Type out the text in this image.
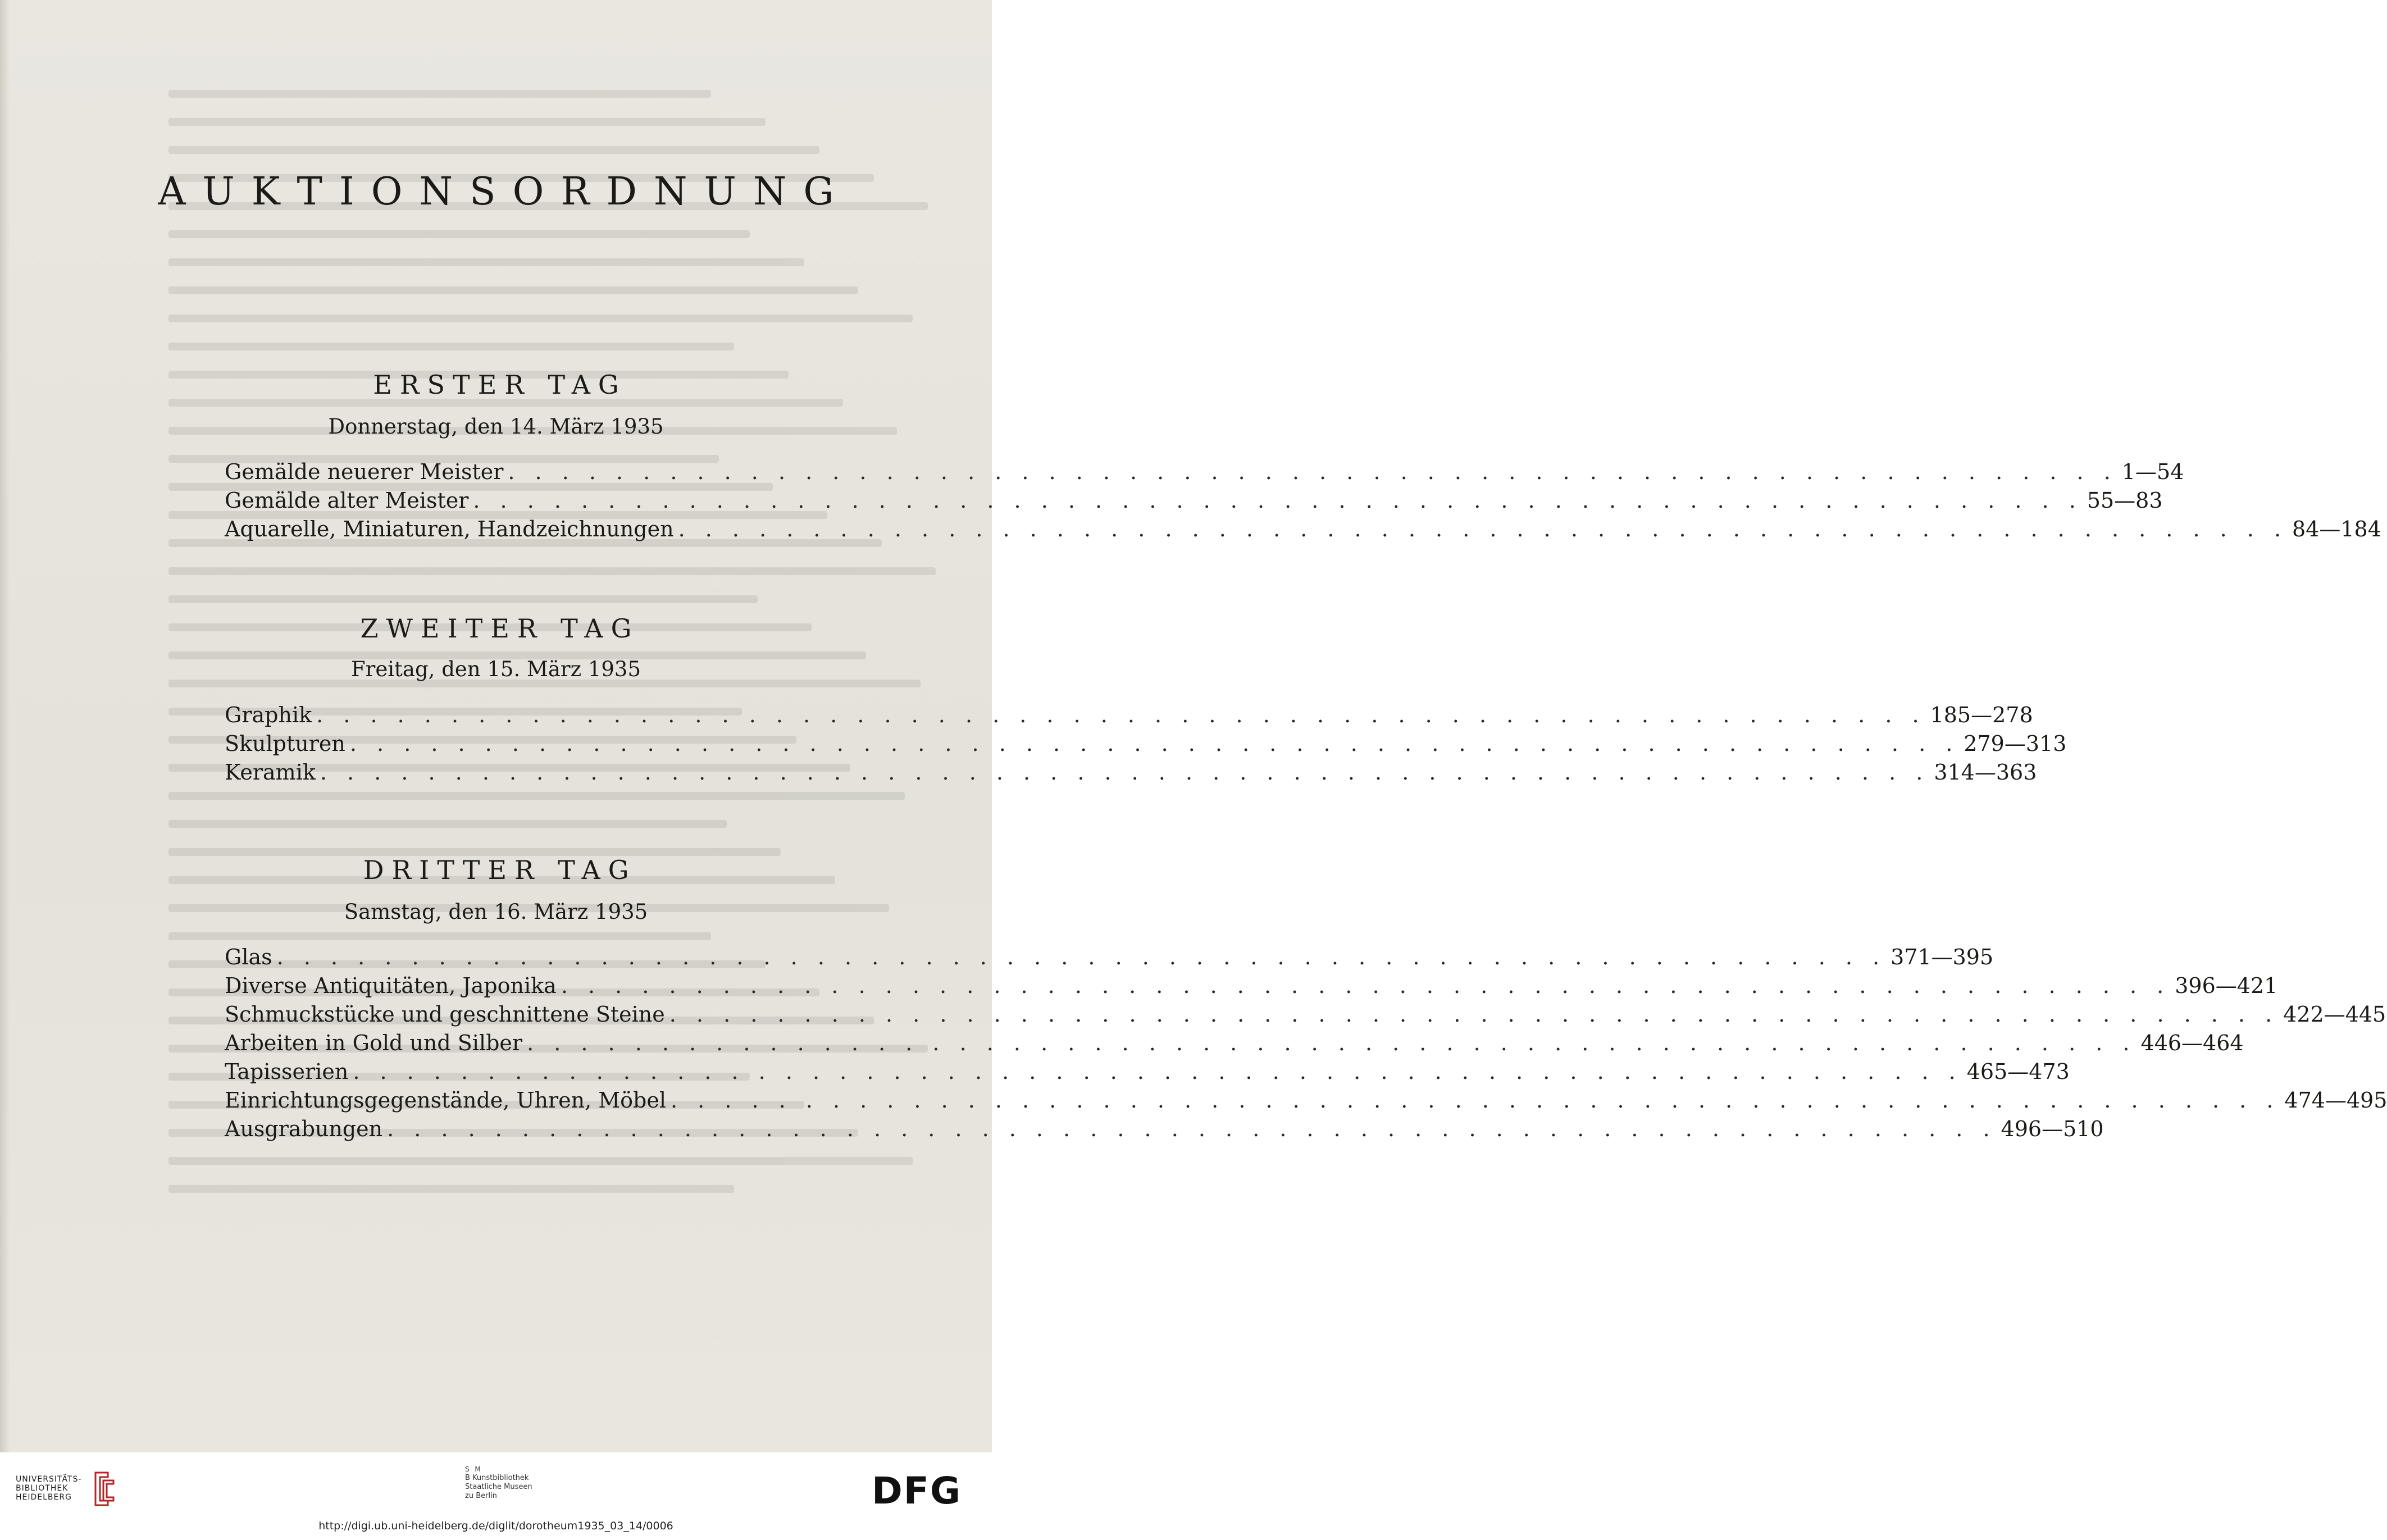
AUKTIONSORDNUNG
ERSTER TAG

Donnerstag, den 14. März 1935

Gemälde neuerer Meister . . . . . . . . . . . . . . . . . . . . . . . . . . . . . . . . . . . . . . . . . . . . . . . . . . . . . . . . . . . . 1—54
Gemälde alter Meister . . . . . . . . . . . . . . . . . . . . . . . . . . . . . . . . . . . . . . . . . . . . . . . . . . . . . . . . . . . . 55—83
Aquarelle, Miniaturen, Handzeichnungen . . . . . . . . . . . . . . . . . . . . . . . . . . . . . . . . . . . . . . . . . . . . . . . . . . . . . . . . . . . . 84—184
ZWEITER TAG

Freitag, den 15. März 1935

Graphik . . . . . . . . . . . . . . . . . . . . . . . . . . . . . . . . . . . . . . . . . . . . . . . . . . . . . . . . . . . . 185—278
Skulpturen . . . . . . . . . . . . . . . . . . . . . . . . . . . . . . . . . . . . . . . . . . . . . . . . . . . . . . . . . . . . 279—313
Keramik . . . . . . . . . . . . . . . . . . . . . . . . . . . . . . . . . . . . . . . . . . . . . . . . . . . . . . . . . . . . 314—363
DRITTER TAG

Samstag, den 16. März 1935

Glas . . . . . . . . . . . . . . . . . . . . . . . . . . . . . . . . . . . . . . . . . . . . . . . . . . . . . . . . . . . . 371—395
Diverse Antiquitäten, Japonika . . . . . . . . . . . . . . . . . . . . . . . . . . . . . . . . . . . . . . . . . . . . . . . . . . . . . . . . . . . . 396—421
Schmuckstücke und geschnittene Steine . . . . . . . . . . . . . . . . . . . . . . . . . . . . . . . . . . . . . . . . . . . . . . . . . . . . . . . . . . . . 422—445
Arbeiten in Gold und Silber . . . . . . . . . . . . . . . . . . . . . . . . . . . . . . . . . . . . . . . . . . . . . . . . . . . . . . . . . . . . 446—464
Tapisserien . . . . . . . . . . . . . . . . . . . . . . . . . . . . . . . . . . . . . . . . . . . . . . . . . . . . . . . . . . . . 465—473
Einrichtungsgegenstände, Uhren, Möbel . . . . . . . . . . . . . . . . . . . . . . . . . . . . . . . . . . . . . . . . . . . . . . . . . . . . . . . . . . . . 474—495
Ausgrabungen . . . . . . . . . . . . . . . . . . . . . . . . . . . . . . . . . . . . . . . . . . . . . . . . . . . . . . . . . . . . 496—510
UNIVERSITÄTS-
BIBLIOTHEK
HEIDELBERG
S M
B Kunstbibliothek
Staatliche Museen
zu Berlin	DFG
http://digi.ub.uni-heidelberg.de/diglit/dorotheum1935_03_14/0006
